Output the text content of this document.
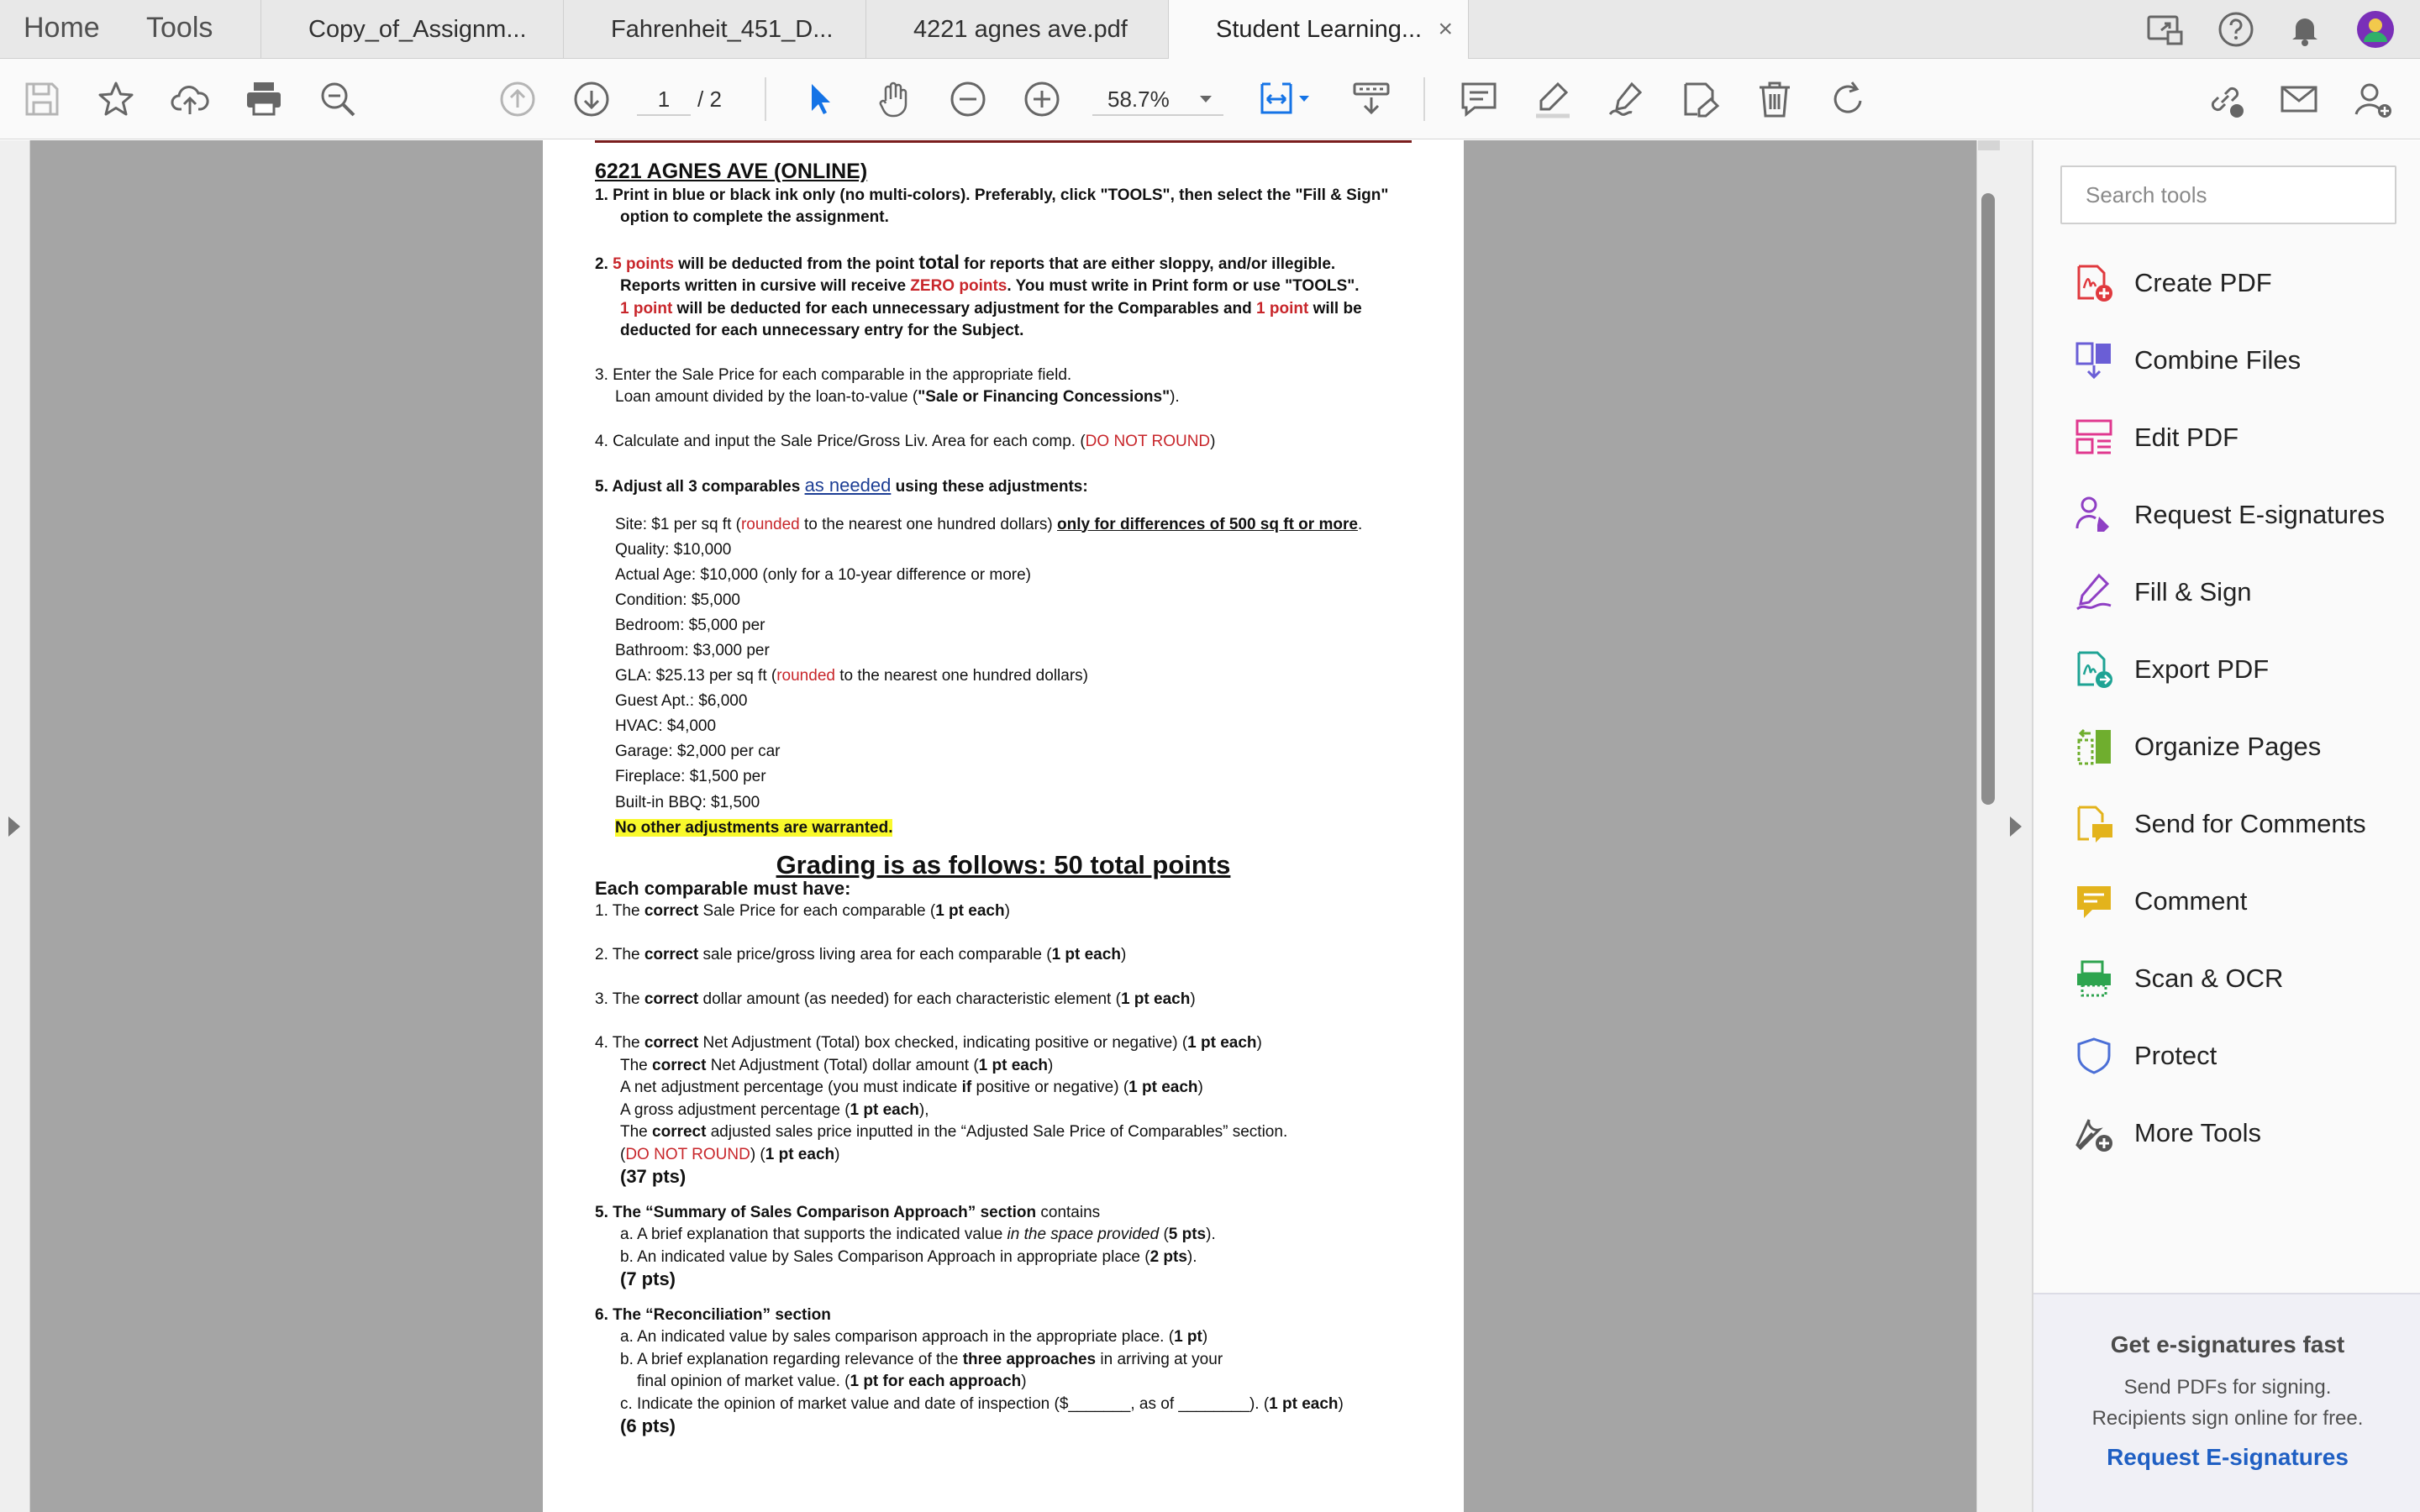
Home Tools	Copy_of_Assignm...	Fahrenheit_451_D...	4221 agnes ave.pdf	Student Learning... ×
1	/ 2	58.7%
6221 AGNES AVE (ONLINE)
1. Print in blue or black ink only (no multi-colors). Preferably, click "TOOLS", then select the "Fill & Sign"
option to complete the assignment.
2. 5 points will be deducted from the point total for reports that are either sloppy, and/or illegible.
Reports written in cursive will receive ZERO points. You must write in Print form or use "TOOLS".
1 point will be deducted for each unnecessary adjustment for the Comparables and 1 point will be
deducted for each unnecessary entry for the Subject.
3. Enter the Sale Price for each comparable in the appropriate field.
Loan amount divided by the loan-to-value ("Sale or Financing Concessions").
4. Calculate and input the Sale Price/Gross Liv. Area for each comp. (DO NOT ROUND)
5. Adjust all 3 comparables as needed using these adjustments:
Site: $1 per sq ft (rounded to the nearest one hundred dollars) only for differences of 500 sq ft or more.
Quality: $10,000
Actual Age: $10,000 (only for a 10-year difference or more)
Condition: $5,000
Bedroom: $5,000 per
Bathroom: $3,000 per
GLA: $25.13 per sq ft (rounded to the nearest one hundred dollars)
Guest Apt.: $6,000
HVAC: $4,000
Garage: $2,000 per car
Fireplace: $1,500 per
Built-in BBQ: $1,500
No other adjustments are warranted.
Grading is as follows: 50 total points
Each comparable must have:
1. The correct Sale Price for each comparable (1 pt each)
2. The correct sale price/gross living area for each comparable (1 pt each)
3. The correct dollar amount (as needed) for each characteristic element (1 pt each)
4. The correct Net Adjustment (Total) box checked, indicating positive or negative) (1 pt each)
The correct Net Adjustment (Total) dollar amount (1 pt each)
A net adjustment percentage (you must indicate if positive or negative) (1 pt each)
A gross adjustment percentage (1 pt each),
The correct adjusted sales price inputted in the “Adjusted Sale Price of Comparables” section.
(DO NOT ROUND) (1 pt each)
(37 pts)
5. The “Summary of Sales Comparison Approach” section contains
a. A brief explanation that supports the indicated value in the space provided (5 pts).
b. An indicated value by Sales Comparison Approach in appropriate place (2 pts).
(7 pts)
6. The “Reconciliation” section
a. An indicated value by sales comparison approach in the appropriate place. (1 pt)
b. A brief explanation regarding relevance of the three approaches in arriving at your
final opinion of market value. (1 pt for each approach)
c. Indicate the opinion of market value and date of inspection ($_______, as of ________). (1 pt each)
(6 pts)
Search tools
Create PDF
Combine Files
Edit PDF
Request E-signatures
Fill & Sign
Export PDF
Organize Pages
Send for Comments
Comment
Scan & OCR
Protect
More Tools
Get e-signatures fast
Send PDFs for signing.
Recipients sign online for free.
Request E-signatures
